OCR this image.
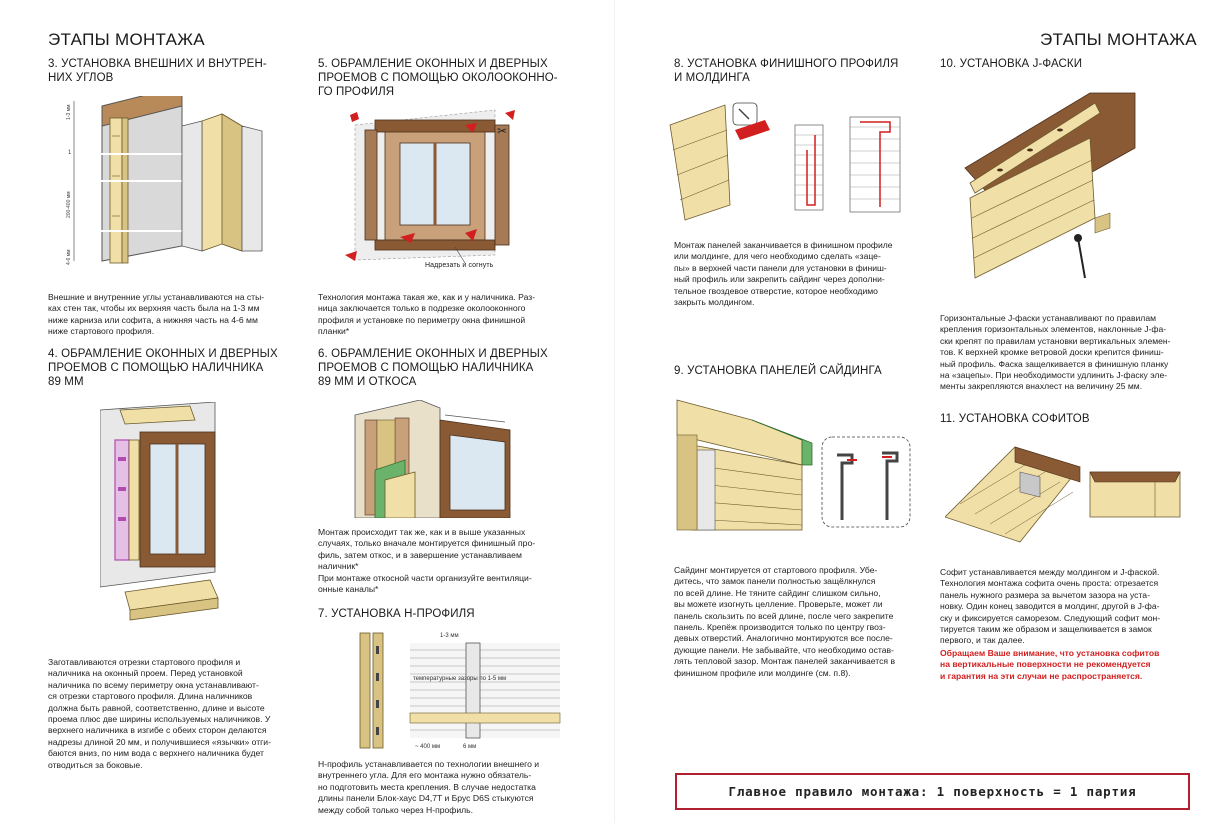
ЭТАПЫ МОНТАЖА	ЭТАПЫ МОНТАЖА
3. УСТАНОВКА ВНЕШНИХ И ВНУТРЕН-
НИХ УГЛОВ
1-3 мм
1
200-400 мм
4-6 мм
Внешние и внутренние углы устанавливаются на сты-
ках стен так, чтобы их верхняя часть была на 1-3 мм
ниже карниза или софита, а нижняя часть на 4-6 мм
ниже стартового профиля.
4. ОБРАМЛЕНИЕ ОКОННЫХ И ДВЕРНЫХ
ПРОЕМОВ С ПОМОЩЬЮ НАЛИЧНИКА
89 ММ
Заготавливаются отрезки стартового профиля и
наличника на оконный проем. Перед установкой
наличника по всему периметру окна устанавливают-
ся отрезки стартового профиля. Длина наличников
должна быть равной, соответственно, длине и высоте
проема плюс две ширины используемых наличников. У
верхнего наличника в изгибе с обеих сторон делаются
надрезы длиной 20 мм, и получившиеся «язычки» отги-
баются вниз, по ним вода с верхнего наличника будет
отводиться за боковые.
5. ОБРАМЛЕНИЕ ОКОННЫХ И ДВЕРНЫХ
ПРОЕМОВ С ПОМОЩЬЮ ОКОЛООКОННО-
ГО ПРОФИЛЯ
✂
Надрезать и согнуть
Технология монтажа такая же, как и у наличника. Раз-
ница заключается только в подрезке околооконного
профиля и установке по периметру окна финишной
планки*
6. ОБРАМЛЕНИЕ ОКОННЫХ И ДВЕРНЫХ
ПРОЕМОВ С ПОМОЩЬЮ НАЛИЧНИКА
89 ММ И ОТКОСА
Монтаж происходит так же, как и в выше указанных
случаях, только вначале монтируется финишный про-
филь, затем откос, и в завершение устанавливаем
наличник*
При монтаже откосной части организуйте вентиляци-
онные каналы*
7. УСТАНОВКА Н-ПРОФИЛЯ
1-3 мм
температурные зазоры по 1-5 мм
~ 400 мм	6 мм
Н-профиль устанавливается по технологии внешнего и
внутреннего угла. Для его монтажа нужно обязатель-
но подготовить места крепления. В случае недостатка
длины панели Блок-хаус D4,7T и Брус D6S стыкуются
между собой только через Н-профиль.
8. УСТАНОВКА ФИНИШНОГО ПРОФИЛЯ
И МОЛДИНГА
Монтаж панелей заканчивается в финишном профиле
или молдинге, для чего необходимо сделать «заце-
пы» в верхней части панели для установки в финиш-
ный профиль или закрепить сайдинг через дополни-
тельное гвоздевое отверстие, которое необходимо
закрыть молдингом.
9. УСТАНОВКА ПАНЕЛЕЙ САЙДИНГА
Сайдинг монтируется от стартового профиля. Убе-
дитесь, что замок панели полностью защёлкнулся
по всей длине. Не тяните сайдинг слишком сильно,
вы можете изогнуть целление. Проверьте, может ли
панель скользить по всей длине, после чего закрепите
панель. Крепёж производится только по центру гвоз-
девых отверстий. Аналогично монтируются все после-
дующие панели. Не забывайте, что необходимо остав-
лять тепловой зазор. Монтаж панелей заканчивается в
финишном профиле или молдинге (см. п.8).
10. УСТАНОВКА J-ФАСКИ
Горизонтальные J-фаски устанавливают по правилам
крепления горизонтальных элементов, наклонные J-фа-
ски крепят по правилам установки вертикальных элемен-
тов. К верхней кромке ветровой доски крепится финиш-
ный профиль. Фаска защелкивается в финишную планку
на «зацепы». При необходимости удлинить J-фаску эле-
менты закрепляются внахлест на величину 25 мм.
11. УСТАНОВКА СОФИТОВ
Софит устанавливается между молдингом и J-фаской.
Технология монтажа софита очень проста: отрезается
панель нужного размера за вычетом зазора на уста-
новку. Один конец заводится в молдинг, другой в J-фа-
ску и фиксируется саморезом. Следующий софит мон-
тируется таким же образом и защелкивается в замок
первого, и так далее.
Обращаем Ваше внимание, что установка софитов
на вертикальные поверхности не рекомендуется
и гарантия на эти случаи не распространяется.
Главное правило монтажа: 1 поверхность = 1 партия
